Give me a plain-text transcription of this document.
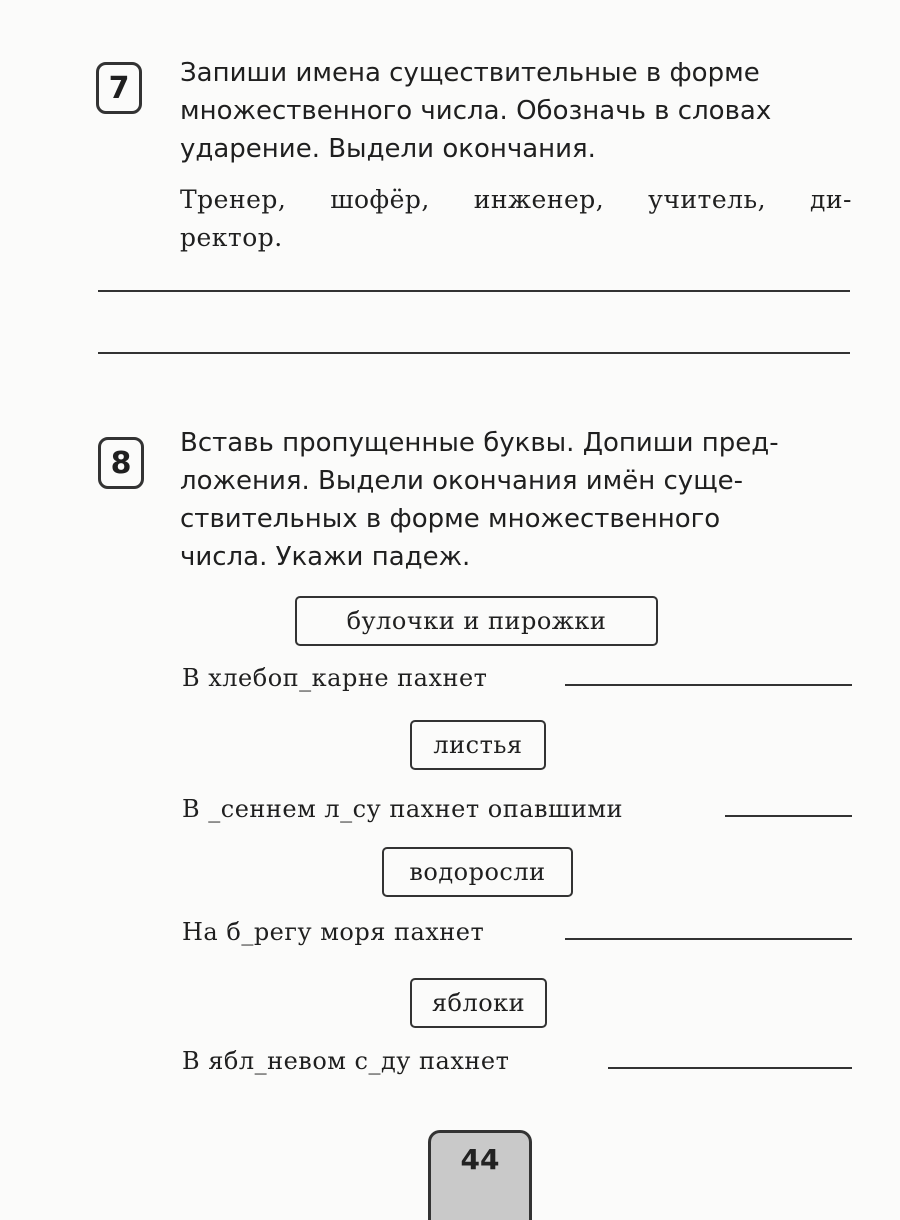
7	Запиши имена существительные в форме
множественного числа. Обозначь в словах
ударение. Выдели окончания.
Тренер, шофёр, инженер, учитель, ди-
ректор.
8
Вставь пропущенные буквы. Допиши пред-
ложения. Выдели окончания имён суще-
ствительных в форме множественного
числа. Укажи падеж.
булочки и пирожки
В хлебоп_карне пахнет
листья
В _сеннем л_су пахнет опавшими
водоросли
На б_регу моря пахнет
яблоки
В ябл_невом с_ду пахнет
44
